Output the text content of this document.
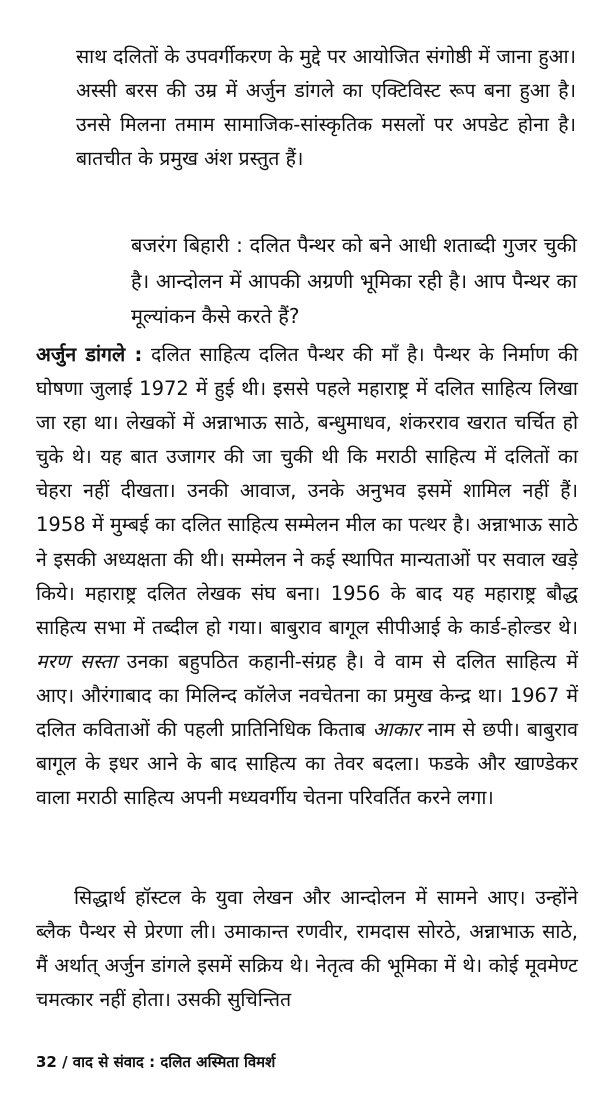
साथ दलितों के उपवर्गीकरण के मुद्दे पर आयोजित संगोष्ठी में जाना हुआ। अस्सी बरस की उम्र में अर्जुन डांगले का एक्टिविस्ट रूप बना हुआ है। उनसे मिलना तमाम सामाजिक-सांस्कृतिक मसलों पर अपडेट होना है। बातचीत के प्रमुख अंश प्रस्तुत हैं।

बजरंग बिहारी : दलित पैन्थर को बने आधी शताब्दी गुजर चुकी है। आन्दोलन में आपकी अग्रणी भूमिका रही है। आप पैन्थर का मूल्यांकन कैसे करते हैं?

अर्जुन डांगले : दलित साहित्य दलित पैन्थर की माँ है। पैन्थर के निर्माण की घोषणा जुलाई 1972 में हुई थी। इससे पहले महाराष्ट्र में दलित साहित्य लिखा जा रहा था। लेखकों में अन्नाभाऊ साठे, बन्धुमाधव, शंकरराव खरात चर्चित हो चुके थे। यह बात उजागर की जा चुकी थी कि मराठी साहित्य में दलितों का चेहरा नहीं दीखता। उनकी आवाज, उनके अनुभव इसमें शामिल नहीं हैं। 1958 में मुम्बई का दलित साहित्य सम्मेलन मील का पत्थर है। अन्नाभाऊ साठे ने इसकी अध्यक्षता की थी। सम्मेलन ने कई स्थापित मान्यताओं पर सवाल खड़े किये। महाराष्ट्र दलित लेखक संघ बना। 1956 के बाद यह महाराष्ट्र बौद्ध साहित्य सभा में तब्दील हो गया। बाबुराव बागूल सीपीआई के कार्ड-होल्डर थे। मरण सस्ता उनका बहुपठित कहानी-संग्रह है। वे वाम से दलित साहित्य में आए। औरंगाबाद का मिलिन्द कॉलेज नवचेतना का प्रमुख केन्द्र था। 1967 में दलित कविताओं की पहली प्रातिनिधिक किताब आकार नाम से छपी। बाबुराव बागूल के इधर आने के बाद साहित्य का तेवर बदला। फडके और खाण्डेकर वाला मराठी साहित्य अपनी मध्यवर्गीय चेतना परिवर्तित करने लगा।

सिद्धार्थ हॉस्टल के युवा लेखन और आन्दोलन में सामने आए। उन्होंने ब्लैक पैन्थर से प्रेरणा ली। उमाकान्त रणवीर, रामदास सोरठे, अन्नाभाऊ साठे, मैं अर्थात् अर्जुन डांगले इसमें सक्रिय थे। नेतृत्व की भूमिका में थे। कोई मूवमेण्ट चमत्कार नहीं होता। उसकी सुचिन्तित

32 / वाद से संवाद : दलित अस्मिता विमर्श
